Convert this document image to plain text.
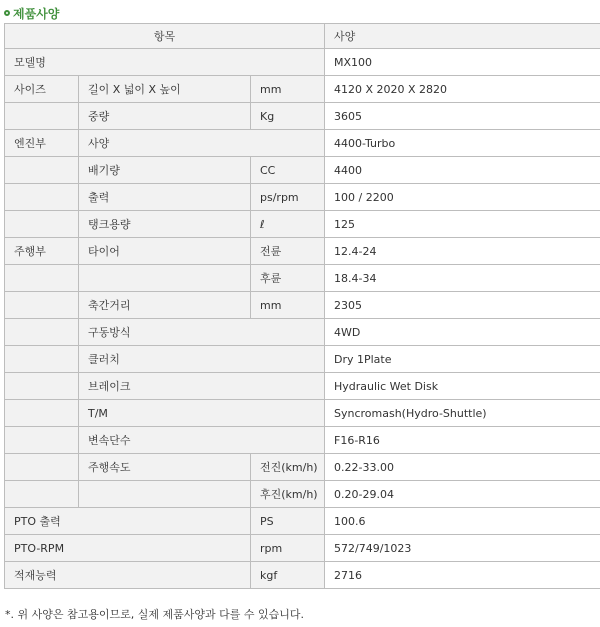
제품사양
항목			사양
모델명			MX100
사이즈	길이 X 넓이 X 높이	mm	4120 X 2020 X 2820
	중량	Kg	3605
엔진부	사양		4400-Turbo
	배기량	CC	4400
	출력	ps/rpm	100 / 2200
	탱크용량	ℓ	125
주행부	타이어	전륜	12.4-24
		후륜	18.4-34
	축간거리	mm	2305
	구동방식		4WD
	클러치		Dry 1Plate
	브레이크		Hydraulic Wet Disk
	T/M		Syncromash(Hydro-Shuttle)
	변속단수		F16-R16
	주행속도	전진(km/h)	0.22-33.00
		후진(km/h)	0.20-29.04
PTO 출력		PS	100.6
PTO-RPM		rpm	572/749/1023
적재능력		kgf	2716
*. 위 사양은 참고용이므로, 실제 제품사양과 다를 수 있습니다.
